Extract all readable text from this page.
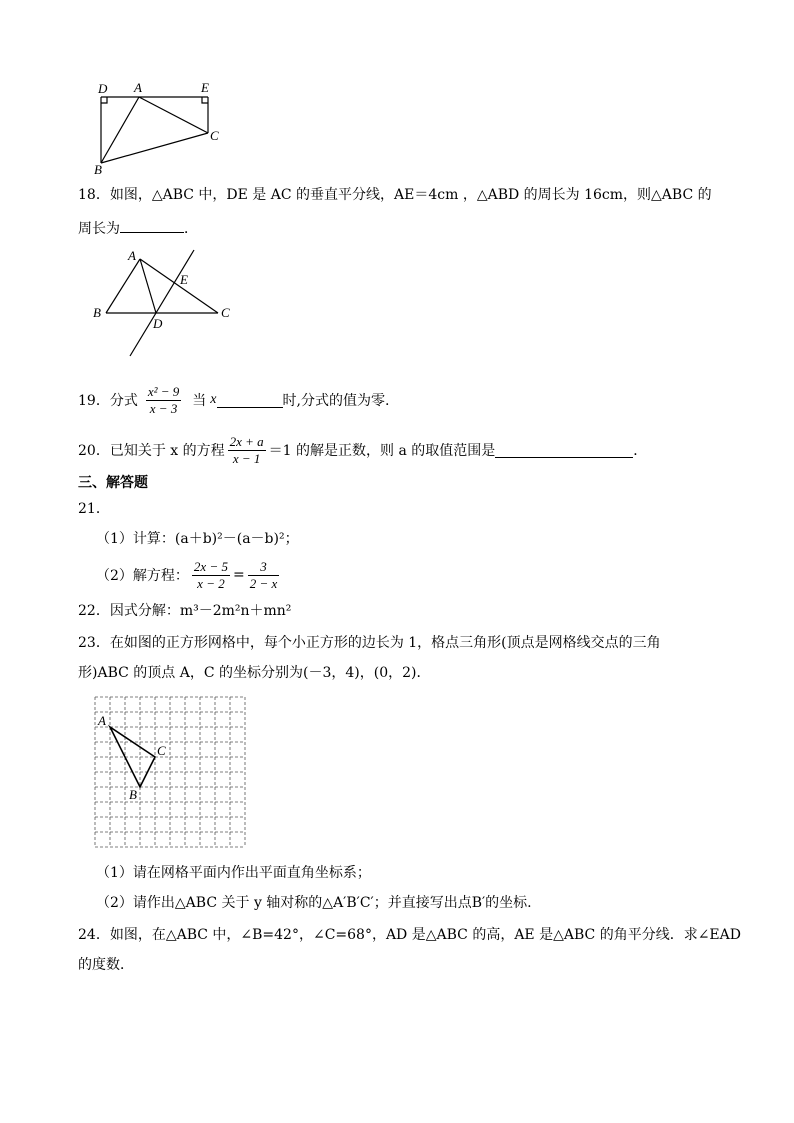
D A	E
B
C
18．如图，△ABC 中，DE 是 AC 的垂直平分线，AE＝4cm ，△ABD 的周长为 16cm，则△ABC 的
周长为	．
A
E
B
D
C
19．分式 $\frac{\text{x² − 9}}{x - 3}$ 当 x	时,分式的值为零.
20．已知关于 x 的方程 $\frac{2x + a}{x - 1} =1$ 的解是正数，则 a 的取值范围是	．
三、解答题
21．
（1）计算：(a＋b)²－(a－b)²；
（2）解方程： $\frac{2x - 5}{x - 2} = \frac{3}{2 - x}$
22．因式分解：m³－2m²n＋mn²
23．在如图的正方形网格中，每个小正方形的边长为 1，格点三角形(顶点是网格线交点的三角
形)ABC 的顶点 A，C 的坐标分别为(－3，4)，(0，2)．
A
C
B
（1）请在网格平面内作出平面直角坐标系；
（2）请作出△ABC 关于 y 轴对称的△A′B′C′；并直接写出点B′的坐标.
24．如图，在△ABC 中，∠B=42°，∠C=68°，AD 是△ABC 的高，AE 是△ABC 的角平分线．求∠EAD
的度数．
